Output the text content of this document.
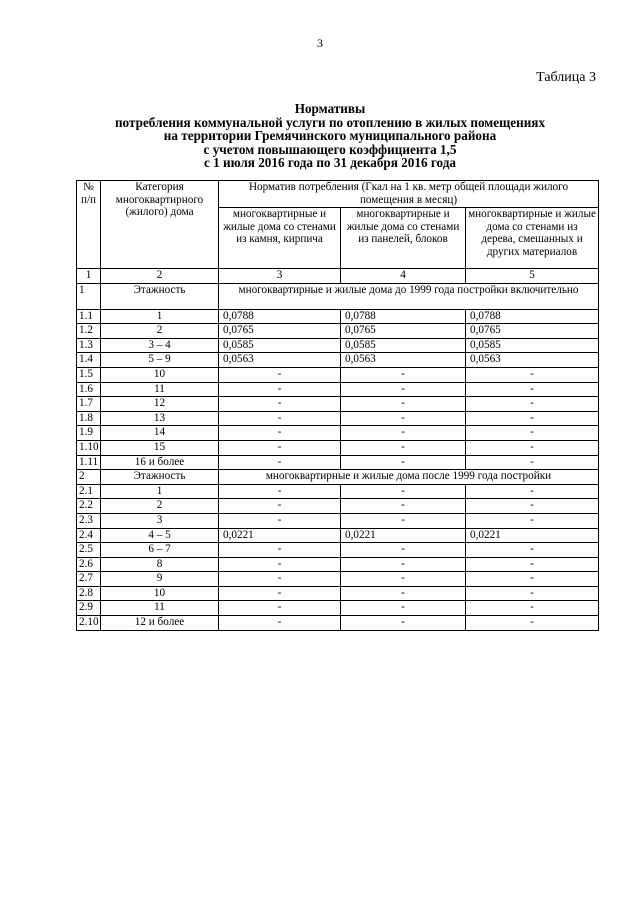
3
Таблица 3
Нормативы
потребления коммунальной услуги по отоплению в жилых помещениях
на территории Гремячинского муниципального района
с учетом повышающего коэффициента 1,5
с 1 июля 2016 года по 31 декабря 2016 года
№ п/п	Категория многоквартирного (жилого) дома	Норматив потребления (Гкал на 1 кв. метр общей площади жилого помещения в месяц)		
		многоквартирные и жилые дома со стенами из камня, кирпича	многоквартирные и жилые дома со стенами из панелей, блоков	многоквартирные и жилые дома со стенами из дерева, смешанных и других материалов
1	2	3	4	5
1	Этажность	многоквартирные и жилые дома до 1999 года постройки включительно		
1.1	1	0,0788	0,0788	0,0788
1.2	2	0,0765	0,0765	0,0765
1.3	3 – 4	0,0585	0,0585	0,0585
1.4	5 – 9	0,0563	0,0563	0,0563
1.5	10	-	-	-
1.6	11	-	-	-
1.7	12	-	-	-
1.8	13	-	-	-
1.9	14	-	-	-
1.10	15	-	-	-
1.11	16 и более	-	-	-
2	Этажность	многоквартирные и жилые дома после 1999 года постройки		
2.1	1	-	-	-
2.2	2	-	-	-
2.3	3	-	-	-
2.4	4 – 5	0,0221	0,0221	0,0221
2.5	6 – 7	-	-	-
2.6	8	-	-	-
2.7	9	-	-	-
2.8	10	-	-	-
2.9	11	-	-	-
2.10	12 и более	-	-	-
